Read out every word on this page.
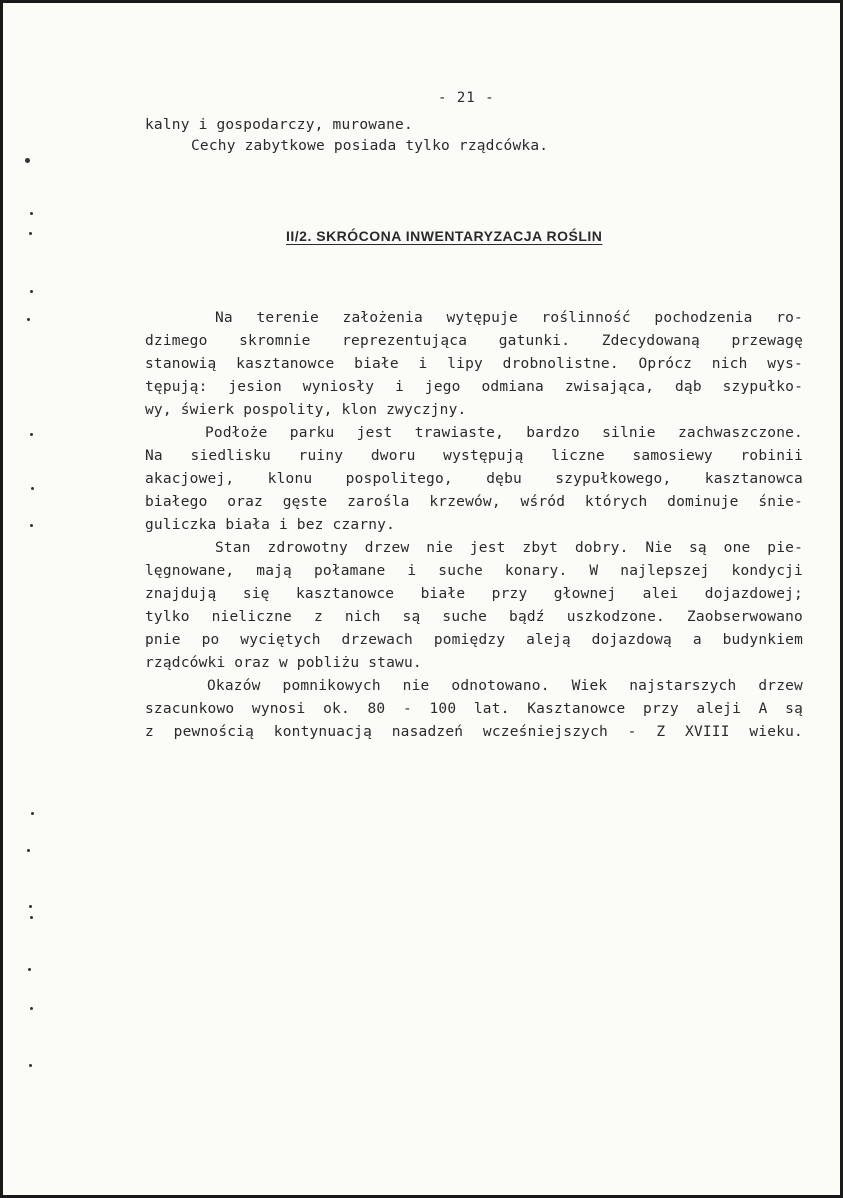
- 21 -
kalny i gospodarczy, murowane.
Cechy zabytkowe posiada tylko rządcówka.
II/2. SKRÓCONA INWENTARYZACJA ROŚLIN
Na terenie założenia wytępuje roślinność pochodzenia ro-
dzimego skromnie reprezentująca gatunki. Zdecydowaną przewagę
stanowią kasztanowce białe i lipy drobnolistne. Oprócz nich wys-
tępują: jesion wyniosły i jego odmiana zwisająca, dąb szypułko-
wy, świerk pospolity, klon zwyczjny.
Podłoże parku jest trawiaste, bardzo silnie zachwaszczone.
Na siedlisku ruiny dworu występują liczne samosiewy robinii
akacjowej, klonu pospolitego, dębu szypułkowego, kasztanowca
białego oraz gęste zarośla krzewów, wśród których dominuje śnie-
guliczka biała i bez czarny.
Stan zdrowotny drzew nie jest zbyt dobry. Nie są one pie-
lęgnowane, mają połamane i suche konary. W najlepszej kondycji
znajdują się kasztanowce białe przy głownej alei dojazdowej;
tylko nieliczne z nich są suche bądź uszkodzone. Zaobserwowano
pnie po wyciętych drzewach pomiędzy aleją dojazdową a budynkiem
rządcówki oraz w pobliżu stawu.
Okazów pomnikowych nie odnotowano. Wiek najstarszych drzew
szacunkowo wynosi ok. 80 - 100 lat. Kasztanowce przy aleji A są
z pewnością kontynuacją nasadzeń wcześniejszych - Z XVIII wieku.
